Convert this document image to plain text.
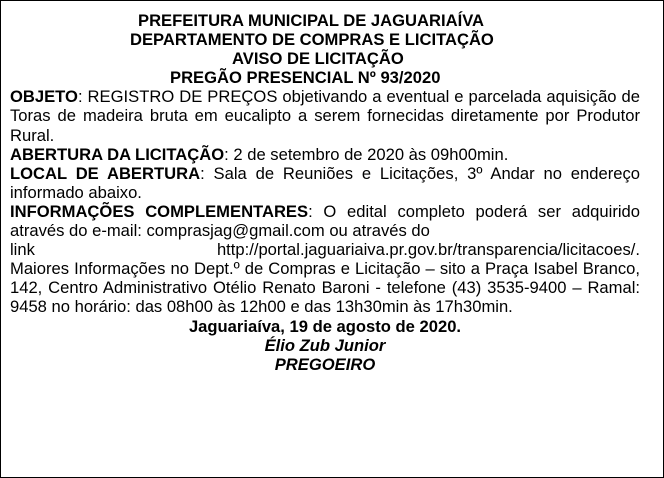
PREFEITURA MUNICIPAL DE JAGUARIAÍVA
DEPARTAMENTO DE COMPRAS E LICITAÇÃO
AVISO DE LICITAÇÃO
PREGÃO PRESENCIAL Nº 93/2020
OBJETO: REGISTRO DE PREÇOS objetivando a eventual e parcelada aquisição de Toras de madeira bruta em eucalipto a serem fornecidas diretamente por Produtor Rural.
ABERTURA DA LICITAÇÃO: 2 de setembro de 2020 às 09h00min.
LOCAL DE ABERTURA: Sala de Reuniões e Licitações, 3º Andar no endereço informado abaixo.
INFORMAÇÕES COMPLEMENTARES: O edital completo poderá ser adquirido através do e-mail: comprasjag@gmail.com ou através do
link	http://portal.jaguariaiva.pr.gov.br/transparencia/licitacoes/.
Maiores Informações no Dept.º de Compras e Licitação – sito a Praça Isabel Branco, 142, Centro Administrativo Otélio Renato Baroni - telefone (43) 3535-9400 – Ramal: 9458 no horário: das 08h00 às 12h00 e das 13h30min às 17h30min.
Jaguariaíva, 19 de agosto de 2020.
Élio Zub Junior
PREGOEIRO
